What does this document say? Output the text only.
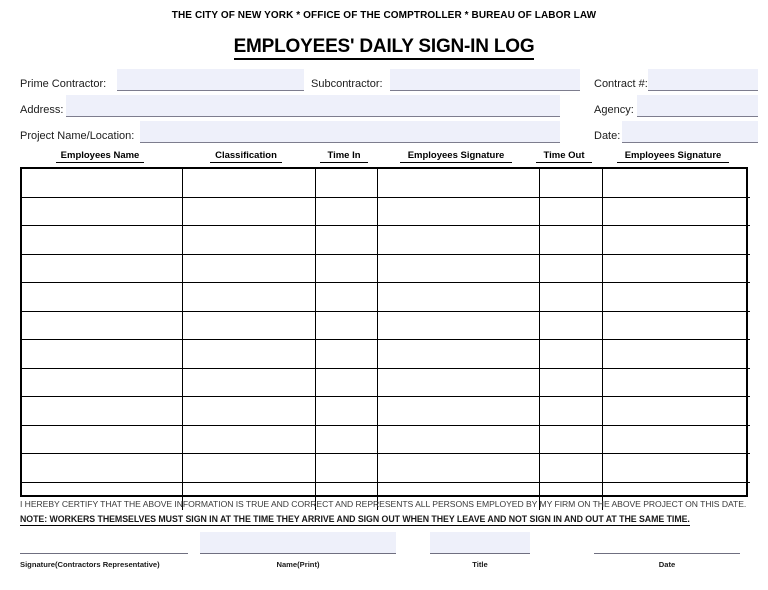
THE CITY OF NEW YORK * OFFICE OF THE COMPTROLLER * BUREAU OF LABOR LAW
EMPLOYEES' DAILY SIGN-IN LOG
Prime Contractor:	Subcontractor:	Contract #:
Address:	Agency:
Project Name/Location:	Date:
Employees Name	Classification	Time In	Employees Signature	Time Out	Employees Signature

I HEREBY CERTIFY THAT THE ABOVE INFORMATION IS TRUE AND CORRECT AND REPRESENTS ALL PERSONS EMPLOYED BY MY FIRM ON THE ABOVE PROJECT ON THIS DATE.
NOTE: WORKERS THEMSELVES MUST SIGN IN AT THE TIME THEY ARRIVE AND SIGN OUT WHEN THEY LEAVE AND NOT SIGN IN AND OUT AT THE SAME TIME.
Signature(Contractors Representative)	Name(Print)	Title	Date
